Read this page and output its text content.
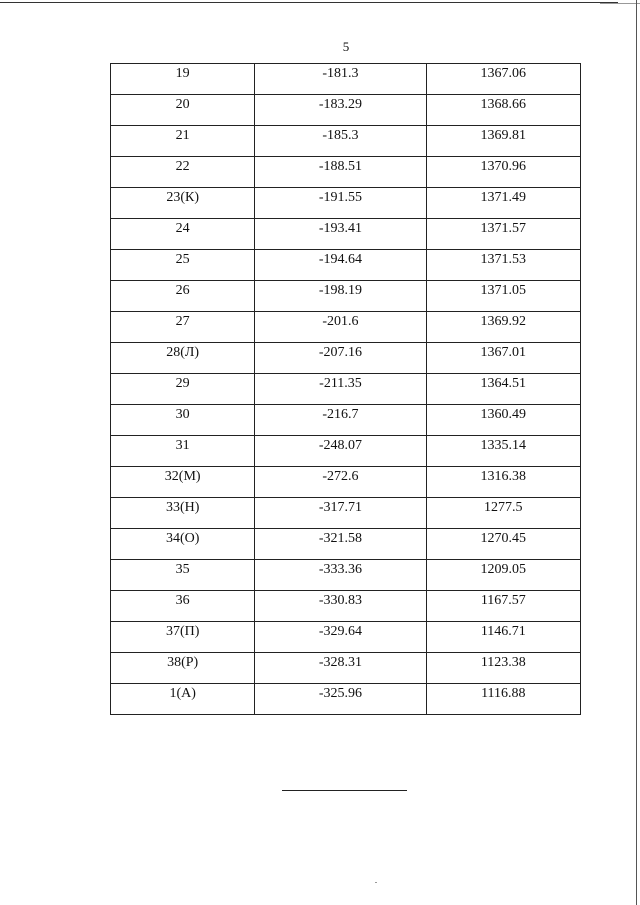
5
19	-181.3	1367.06
20	-183.29	1368.66
21	-185.3	1369.81
22	-188.51	1370.96
23(К)	-191.55	1371.49
24	-193.41	1371.57
25	-194.64	1371.53
26	-198.19	1371.05
27	-201.6	1369.92
28(Л)	-207.16	1367.01
29	-211.35	1364.51
30	-216.7	1360.49
31	-248.07	1335.14
32(М)	-272.6	1316.38
33(Н)	-317.71	1277.5
34(О)	-321.58	1270.45
35	-333.36	1209.05
36	-330.83	1167.57
37(П)	-329.64	1146.71
38(Р)	-328.31	1123.38
1(А)	-325.96	1116.88
